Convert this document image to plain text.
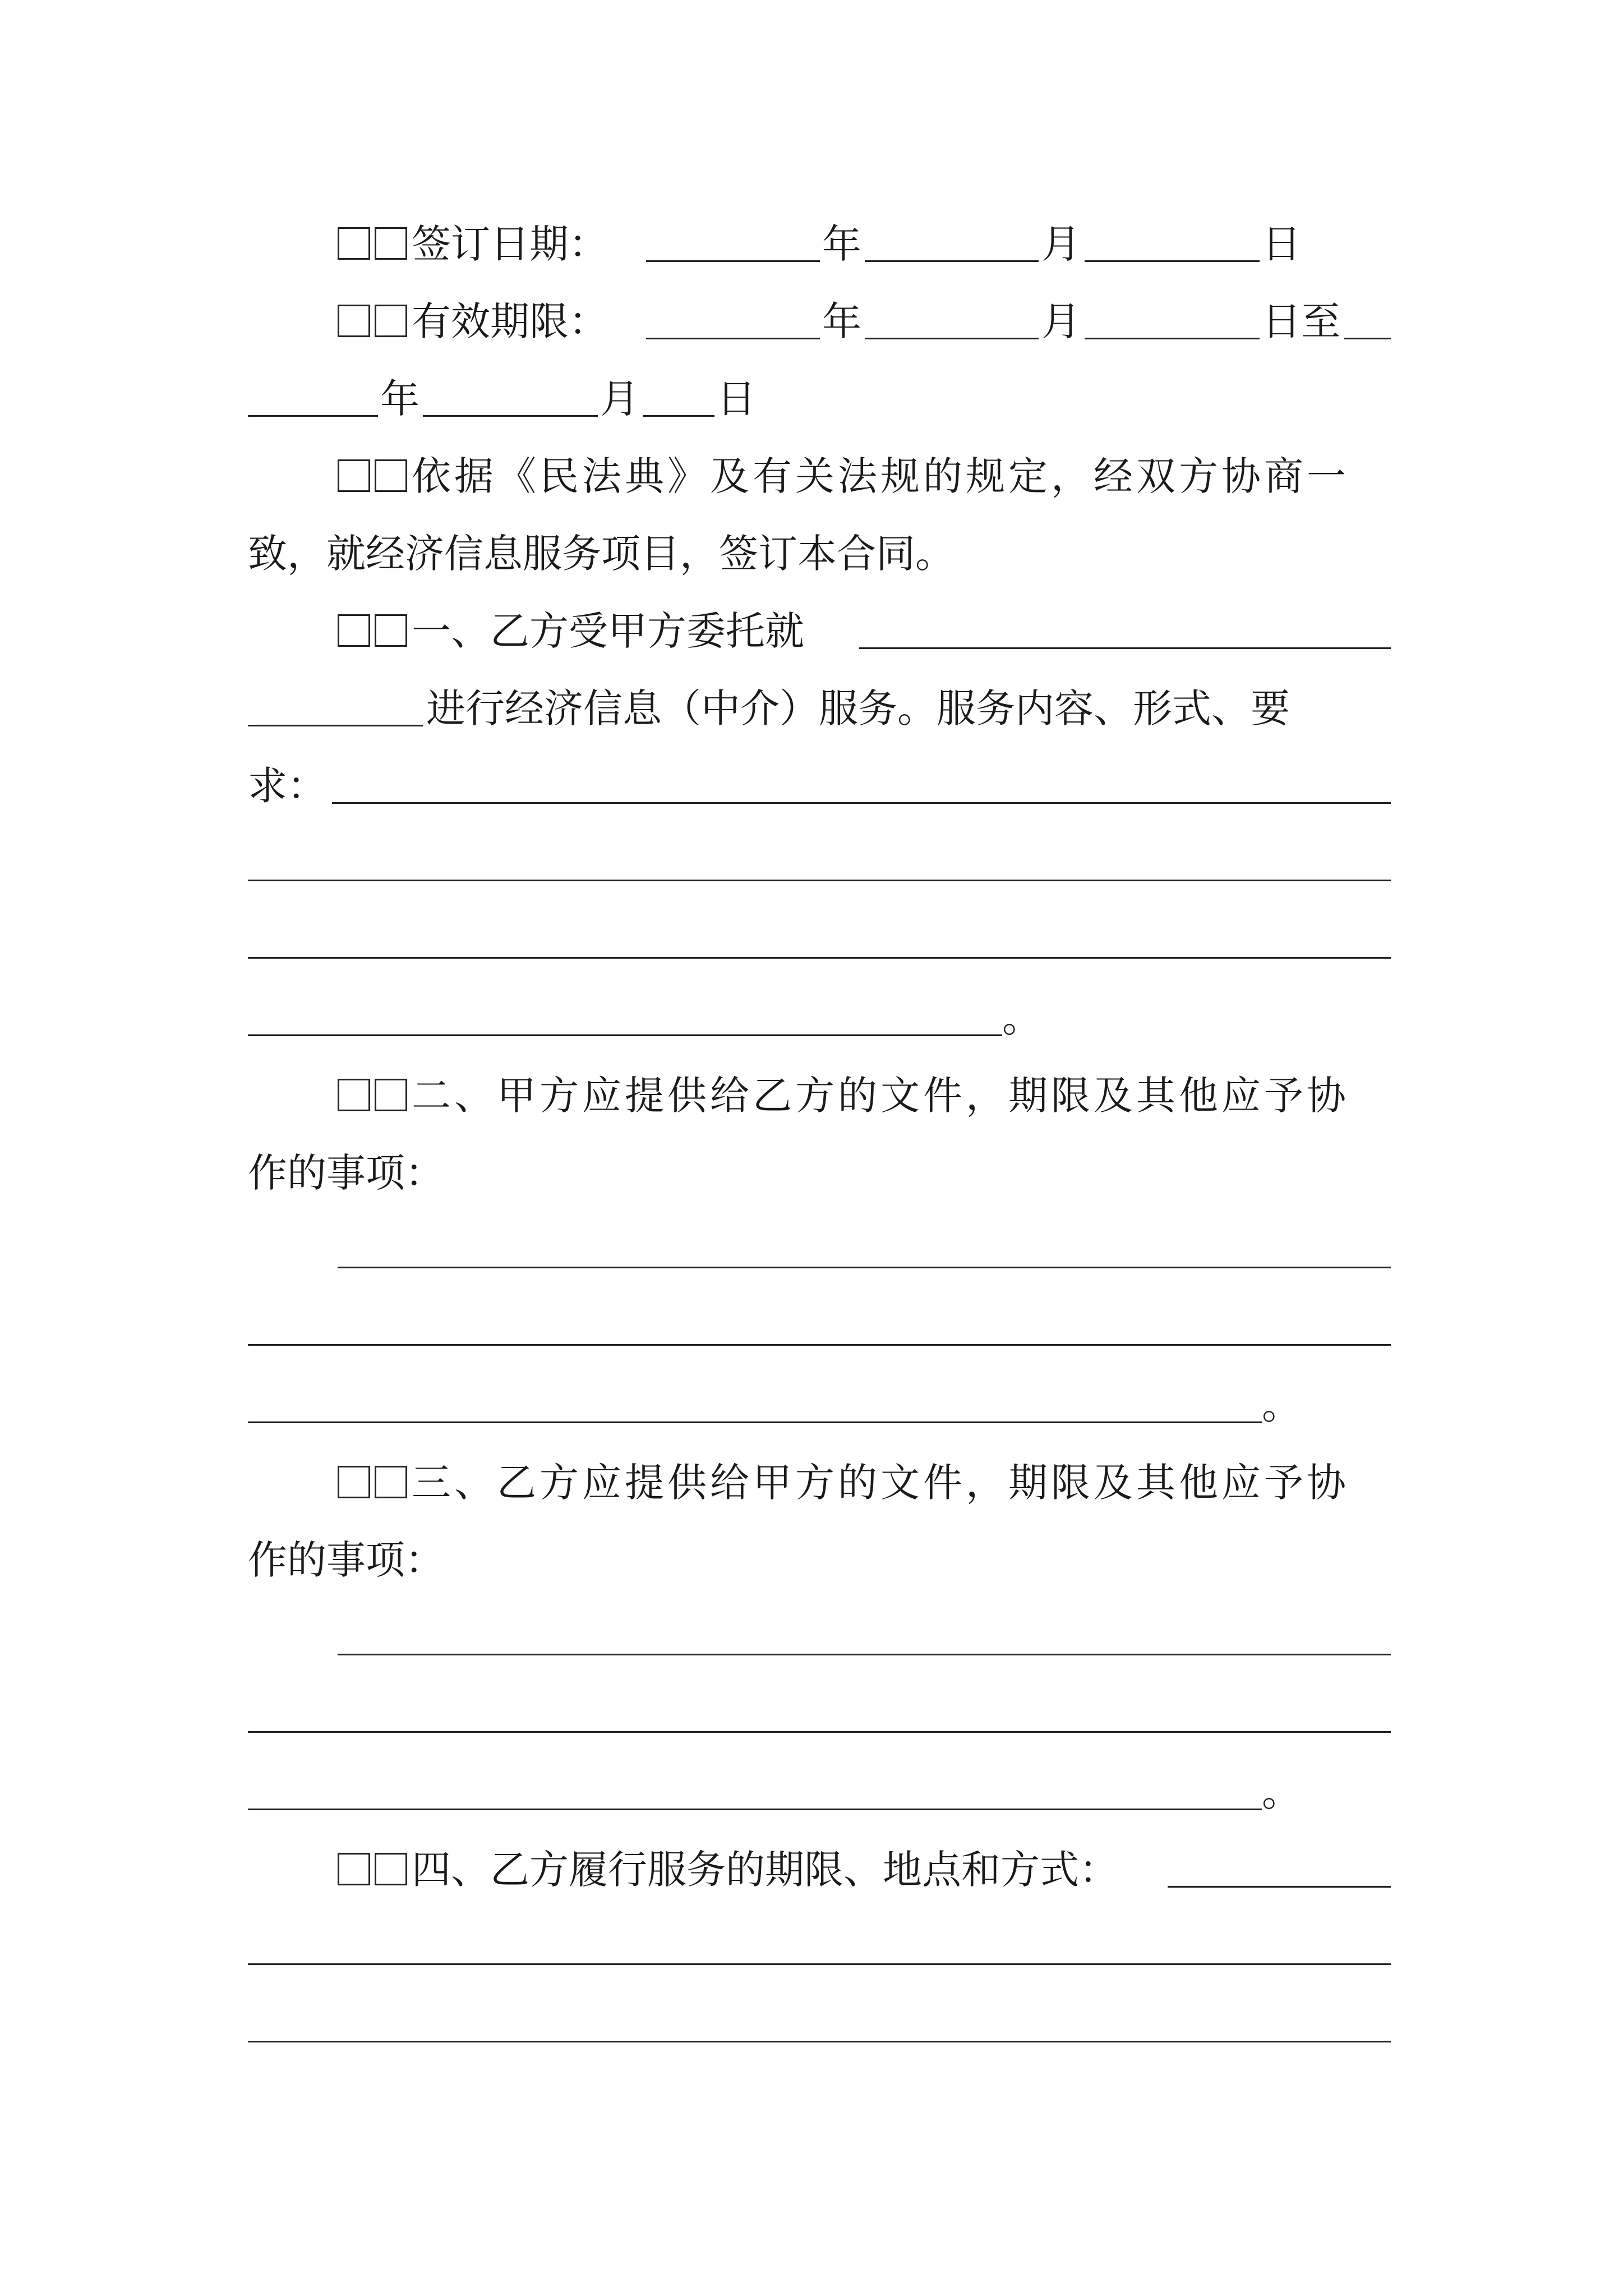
签订日期：	年	月	日
有效期限：	年	月	日至
年	月 日
依据《民法典》及有关法规的规定，经双方协商一
致，就经济信息服务项目，签订本合同。
一、乙方受甲方委托就
进行经济信息（中介）服务。服务内容、形式、要
求：
。
二、甲方应提供给乙方的文件，期限及其他应予协
作的事项：
。
三、乙方应提供给甲方的文件，期限及其他应予协
作的事项：
。
四、乙方履行服务的期限、地点和方式：
